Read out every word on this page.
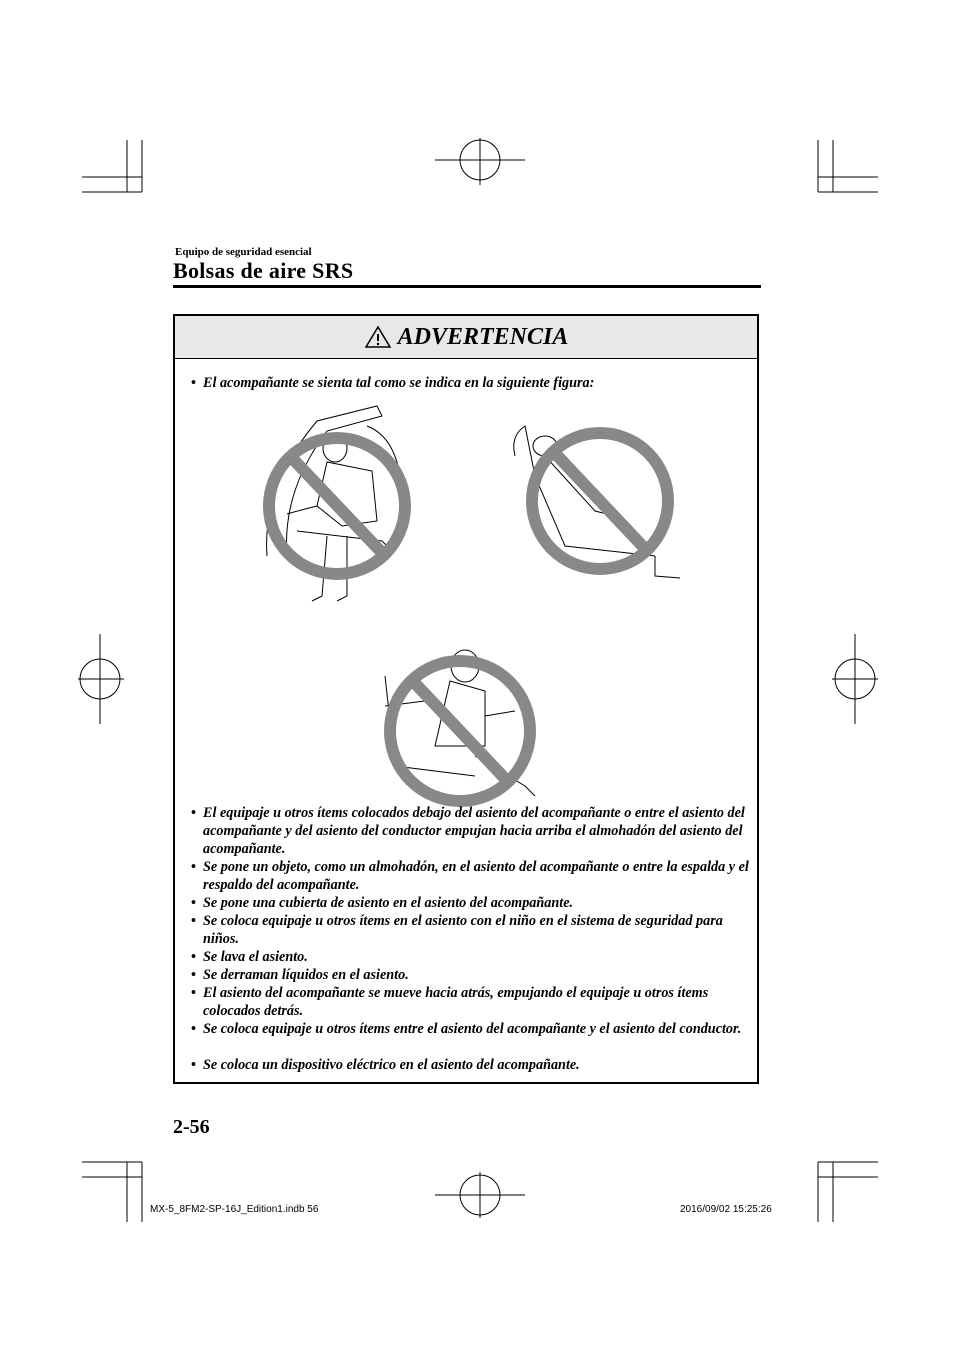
Equipo de seguridad esencial
Bolsas de aire SRS
ADVERTENCIA
• El acompañante se sienta tal como se indica en la siguiente figura:
• El equipaje u otros ítems colocados debajo del asiento del acompañante o entre el asiento del acompañante y del asiento del conductor empujan hacia arriba el almohadón del asiento del acompañante.
• Se pone un objeto, como un almohadón, en el asiento del acompañante o entre la espalda y el respaldo del acompañante.
• Se pone una cubierta de asiento en el asiento del acompañante.
• Se coloca equipaje u otros ítems en el asiento con el niño en el sistema de seguridad para niños.
• Se lava el asiento.
• Se derraman líquidos en el asiento.
• El asiento del acompañante se mueve hacia atrás, empujando el equipaje u otros ítems colocados detrás.
• Se coloca equipaje u otros ítems entre el asiento del acompañante y el asiento del conductor.
• Se coloca un dispositivo eléctrico en el asiento del acompañante.
2-56
MX-5_8FM2-SP-16J_Edition1.indb 56	2016/09/02 15:25:26
